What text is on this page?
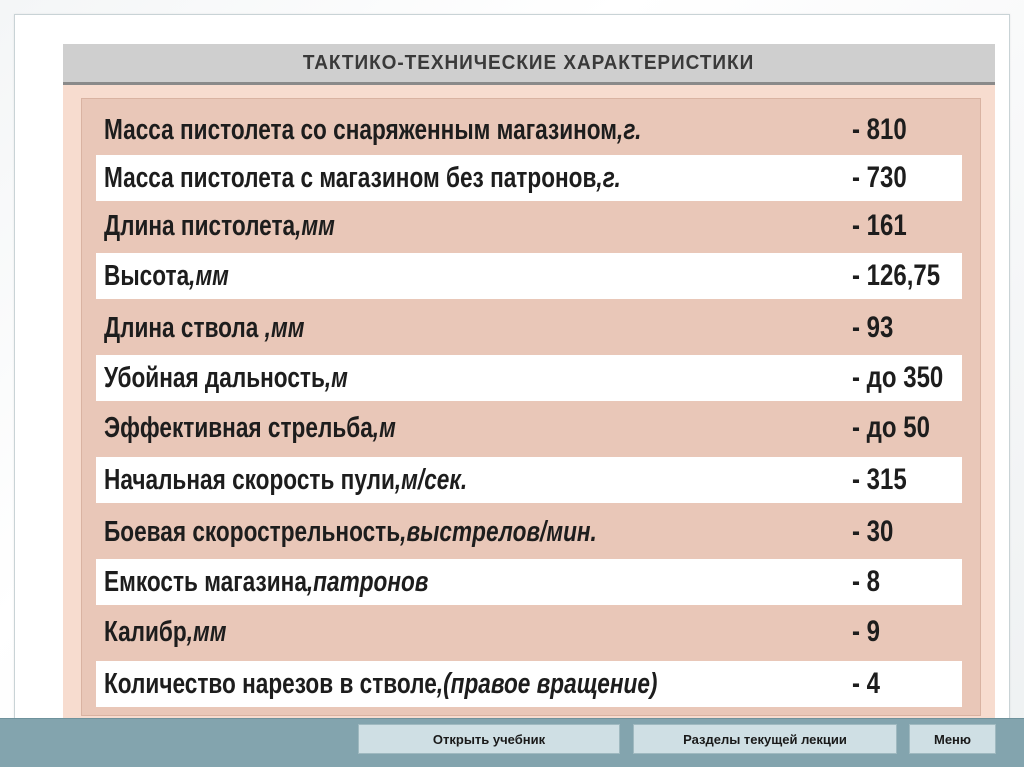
ТАКТИКО-ТЕХНИЧЕСКИЕ ХАРАКТЕРИСТИКИ
Масса пистолета со снаряженным магазином,г.	- 810
Масса пистолета с магазином без патронов,г.	- 730
Длина пистолета,мм	- 161
Высота,мм	- 126,75
Длина ствола ,мм	- 93
Убойная дальность,м	- до 350
Эффективная стрельба,м	- до 50
Начальная скорость пули,м/сек.	- 315
Боевая скорострельность,выстрелов/мин.	- 30
Емкость магазина,патронов	- 8
Калибр,мм	- 9
Количество нарезов в стволе,(правое вращение)	- 4
Открыть учебник	Разделы текущей лекции	Меню
